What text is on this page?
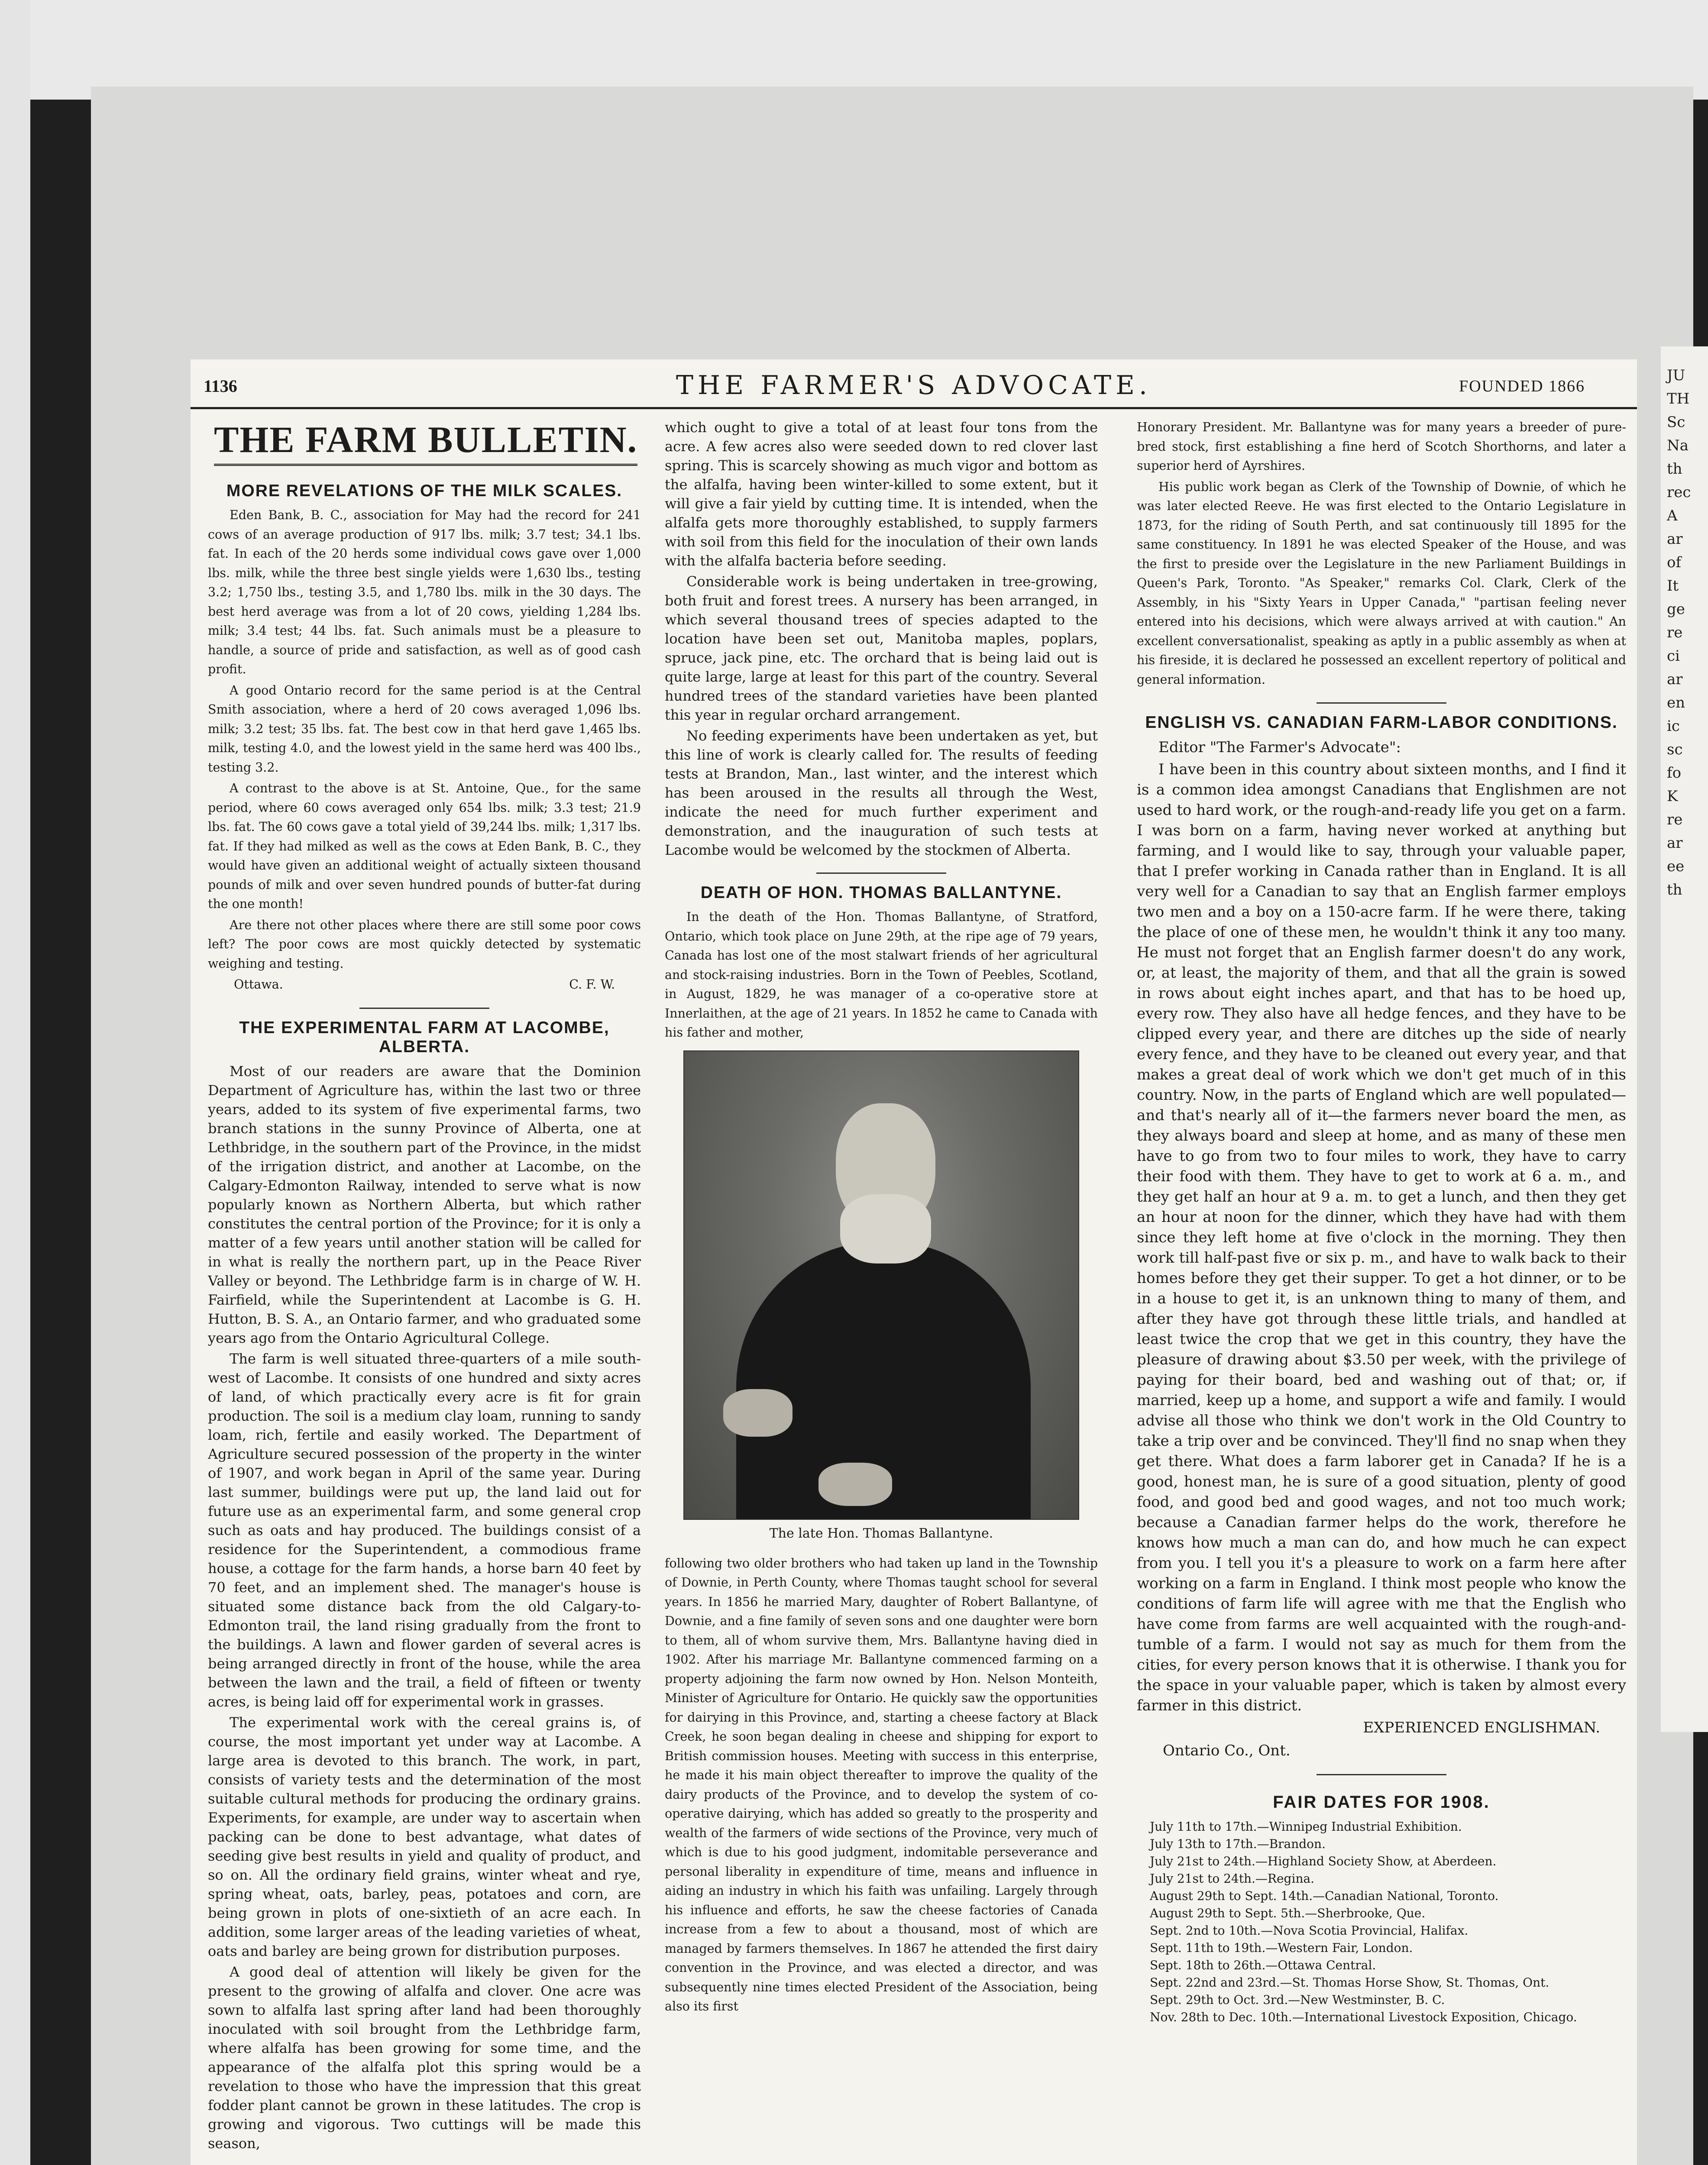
JU
TH
Sc
Na
th
rec
A
ar
of
It
ge
re
ci
ar
en
ic
sc
fo
K
re
ar
ee
th
1136	THE FARMER'S ADVOCATE.	FOUNDED 1866
THE FARM BULLETIN.
MORE REVELATIONS OF THE MILK SCALES.

Eden Bank, B. C., association for May had the record for 241 cows of an average production of 917 lbs. milk; 3.7 test; 34.1 lbs. fat. In each of the 20 herds some individual cows gave over 1,000 lbs. milk, while the three best single yields were 1,630 lbs., testing 3.2; 1,750 lbs., testing 3.5, and 1,780 lbs. milk in the 30 days. The best herd average was from a lot of 20 cows, yielding 1,284 lbs. milk; 3.4 test; 44 lbs. fat. Such animals must be a pleasure to handle, a source of pride and satisfaction, as well as of good cash profit.

A good Ontario record for the same period is at the Central Smith association, where a herd of 20 cows averaged 1,096 lbs. milk; 3.2 test; 35 lbs. fat. The best cow in that herd gave 1,465 lbs. milk, testing 4.0, and the lowest yield in the same herd was 400 lbs., testing 3.2.

A contrast to the above is at St. Antoine, Que., for the same period, where 60 cows averaged only 654 lbs. milk; 3.3 test; 21.9 lbs. fat. The 60 cows gave a total yield of 39,244 lbs. milk; 1,317 lbs. fat. If they had milked as well as the cows at Eden Bank, B. C., they would have given an additional weight of actually sixteen thousand pounds of milk and over seven hundred pounds of butter-fat during the one month!

Are there not other places where there are still some poor cows left? The poor cows are most quickly detected by systematic weighing and testing.

Ottawa.	C. F. W.
THE EXPERIMENTAL FARM AT LACOMBE, ALBERTA.

Most of our readers are aware that the Dominion Department of Agriculture has, within the last two or three years, added to its system of five experimental farms, two branch stations in the sunny Province of Alberta, one at Lethbridge, in the southern part of the Province, in the midst of the irrigation district, and another at Lacombe, on the Calgary-Edmonton Railway, intended to serve what is now popularly known as Northern Alberta, but which rather constitutes the central portion of the Province; for it is only a matter of a few years until another station will be called for in what is really the northern part, up in the Peace River Valley or beyond. The Lethbridge farm is in charge of W. H. Fairfield, while the Superintendent at Lacombe is G. H. Hutton, B. S. A., an Ontario farmer, and who graduated some years ago from the Ontario Agricultural College.

The farm is well situated three-quarters of a mile south-west of Lacombe. It consists of one hundred and sixty acres of land, of which practically every acre is fit for grain production. The soil is a medium clay loam, running to sandy loam, rich, fertile and easily worked. The Department of Agriculture secured possession of the property in the winter of 1907, and work began in April of the same year. During last summer, buildings were put up, the land laid out for future use as an experimental farm, and some general crop such as oats and hay produced. The buildings consist of a residence for the Superintendent, a commodious frame house, a cottage for the farm hands, a horse barn 40 feet by 70 feet, and an implement shed. The manager's house is situated some distance back from the old Calgary-to-Edmonton trail, the land rising gradually from the front to the buildings. A lawn and flower garden of several acres is being arranged directly in front of the house, while the area between the lawn and the trail, a field of fifteen or twenty acres, is being laid off for experimental work in grasses.

The experimental work with the cereal grains is, of course, the most important yet under way at Lacombe. A large area is devoted to this branch. The work, in part, consists of variety tests and the determination of the most suitable cultural methods for producing the ordinary grains. Experiments, for example, are under way to ascertain when packing can be done to best advantage, what dates of seeding give best results in yield and quality of product, and so on. All the ordinary field grains, winter wheat and rye, spring wheat, oats, barley, peas, potatoes and corn, are being grown in plots of one-sixtieth of an acre each. In addition, some larger areas of the leading varieties of wheat, oats and barley are being grown for distribution purposes.

A good deal of attention will likely be given for the present to the growing of alfalfa and clover. One acre was sown to alfalfa last spring after land had been thoroughly inoculated with soil brought from the Lethbridge farm, where alfalfa has been growing for some time, and the appearance of the alfalfa plot this spring would be a revelation to those who have the impression that this great fodder plant cannot be grown in these latitudes. The crop is growing and vigorous. Two cuttings will be made this season,

which ought to give a total of at least four tons from the acre. A few acres also were seeded down to red clover last spring. This is scarcely showing as much vigor and bottom as the alfalfa, having been winter-killed to some extent, but it will give a fair yield by cutting time. It is intended, when the alfalfa gets more thoroughly established, to supply farmers with soil from this field for the inoculation of their own lands with the alfalfa bacteria before seeding.

Considerable work is being undertaken in tree-growing, both fruit and forest trees. A nursery has been arranged, in which several thousand trees of species adapted to the location have been set out, Manitoba maples, poplars, spruce, jack pine, etc. The orchard that is being laid out is quite large, large at least for this part of the country. Several hundred trees of the standard varieties have been planted this year in regular orchard arrangement.

No feeding experiments have been undertaken as yet, but this line of work is clearly called for. The results of feeding tests at Brandon, Man., last winter, and the interest which has been aroused in the results all through the West, indicate the need for much further experiment and demonstration, and the inauguration of such tests at Lacombe would be welcomed by the stockmen of Alberta.

DEATH OF HON. THOMAS BALLANTYNE.

In the death of the Hon. Thomas Ballantyne, of Stratford, Ontario, which took place on June 29th, at the ripe age of 79 years, Canada has lost one of the most stalwart friends of her agricultural and stock-raising industries. Born in the Town of Peebles, Scotland, in August, 1829, he was manager of a co-operative store at Innerlaithen, at the age of 21 years. In 1852 he came to Canada with his father and mother,

The late Hon. Thomas Ballantyne.

following two older brothers who had taken up land in the Township of Downie, in Perth County, where Thomas taught school for several years. In 1856 he married Mary, daughter of Robert Ballantyne, of Downie, and a fine family of seven sons and one daughter were born to them, all of whom survive them, Mrs. Ballantyne having died in 1902. After his marriage Mr. Ballantyne commenced farming on a property adjoining the farm now owned by Hon. Nelson Monteith, Minister of Agriculture for Ontario. He quickly saw the opportunities for dairying in this Province, and, starting a cheese factory at Black Creek, he soon began dealing in cheese and shipping for export to British commission houses. Meeting with success in this enterprise, he made it his main object thereafter to improve the quality of the dairy products of the Province, and to develop the system of co-operative dairying, which has added so greatly to the prosperity and wealth of the farmers of wide sections of the Province, very much of which is due to his good judgment, indomitable perseverance and personal liberality in expenditure of time, means and influence in aiding an industry in which his faith was unfailing. Largely through his influence and efforts, he saw the cheese factories of Canada increase from a few to about a thousand, most of which are managed by farmers themselves. In 1867 he attended the first dairy convention in the Province, and was elected a director, and was subsequently nine times elected President of the Association, being also its first

Honorary President. Mr. Ballantyne was for many years a breeder of pure-bred stock, first establishing a fine herd of Scotch Shorthorns, and later a superior herd of Ayrshires.

His public work began as Clerk of the Township of Downie, of which he was later elected Reeve. He was first elected to the Ontario Legislature in 1873, for the riding of South Perth, and sat continuously till 1895 for the same constituency. In 1891 he was elected Speaker of the House, and was the first to preside over the Legislature in the new Parliament Buildings in Queen's Park, Toronto. "As Speaker," remarks Col. Clark, Clerk of the Assembly, in his "Sixty Years in Upper Canada," "partisan feeling never entered into his decisions, which were always arrived at with caution." An excellent conversationalist, speaking as aptly in a public assembly as when at his fireside, it is declared he possessed an excellent repertory of political and general information.

ENGLISH VS. CANADIAN FARM-LABOR CONDITIONS.

Editor "The Farmer's Advocate":

I have been in this country about sixteen months, and I find it is a common idea amongst Canadians that Englishmen are not used to hard work, or the rough-and-ready life you get on a farm. I was born on a farm, having never worked at anything but farming, and I would like to say, through your valuable paper, that I prefer working in Canada rather than in England. It is all very well for a Canadian to say that an English farmer employs two men and a boy on a 150-acre farm. If he were there, taking the place of one of these men, he wouldn't think it any too many. He must not forget that an English farmer doesn't do any work, or, at least, the majority of them, and that all the grain is sowed in rows about eight inches apart, and that has to be hoed up, every row. They also have all hedge fences, and they have to be clipped every year, and there are ditches up the side of nearly every fence, and they have to be cleaned out every year, and that makes a great deal of work which we don't get much of in this country. Now, in the parts of England which are well populated—and that's nearly all of it—the farmers never board the men, as they always board and sleep at home, and as many of these men have to go from two to four miles to work, they have to carry their food with them. They have to get to work at 6 a. m., and they get half an hour at 9 a. m. to get a lunch, and then they get an hour at noon for the dinner, which they have had with them since they left home at five o'clock in the morning. They then work till half-past five or six p. m., and have to walk back to their homes before they get their supper. To get a hot dinner, or to be in a house to get it, is an unknown thing to many of them, and after they have got through these little trials, and handled at least twice the crop that we get in this country, they have the pleasure of drawing about $3.50 per week, with the privilege of paying for their board, bed and washing out of that; or, if married, keep up a home, and support a wife and family. I would advise all those who think we don't work in the Old Country to take a trip over and be convinced. They'll find no snap when they get there. What does a farm laborer get in Canada? If he is a good, honest man, he is sure of a good situation, plenty of good food, and good bed and good wages, and not too much work; because a Canadian farmer helps do the work, therefore he knows how much a man can do, and how much he can expect from you. I tell you it's a pleasure to work on a farm here after working on a farm in England. I think most people who know the conditions of farm life will agree with me that the English who have come from farms are well acquainted with the rough-and-tumble of a farm. I would not say as much for them from the cities, for every person knows that it is otherwise. I thank you for the space in your valuable paper, which is taken by almost every farmer in this district.

EXPERIENCED ENGLISHMAN.
Ontario Co., Ont.
FAIR DATES FOR 1908.
July 11th to 17th.—Winnipeg Industrial Exhibition.
July 13th to 17th.—Brandon.
July 21st to 24th.—Highland Society Show, at Aberdeen.
July 21st to 24th.—Regina.
August 29th to Sept. 14th.—Canadian National, Toronto.
August 29th to Sept. 5th.—Sherbrooke, Que.
Sept. 2nd to 10th.—Nova Scotia Provincial, Halifax.
Sept. 11th to 19th.—Western Fair, London.
Sept. 18th to 26th.—Ottawa Central.
Sept. 22nd and 23rd.—St. Thomas Horse Show, St. Thomas, Ont.
Sept. 29th to Oct. 3rd.—New Westminster, B. C.
Nov. 28th to Dec. 10th.—International Livestock Exposition, Chicago.
